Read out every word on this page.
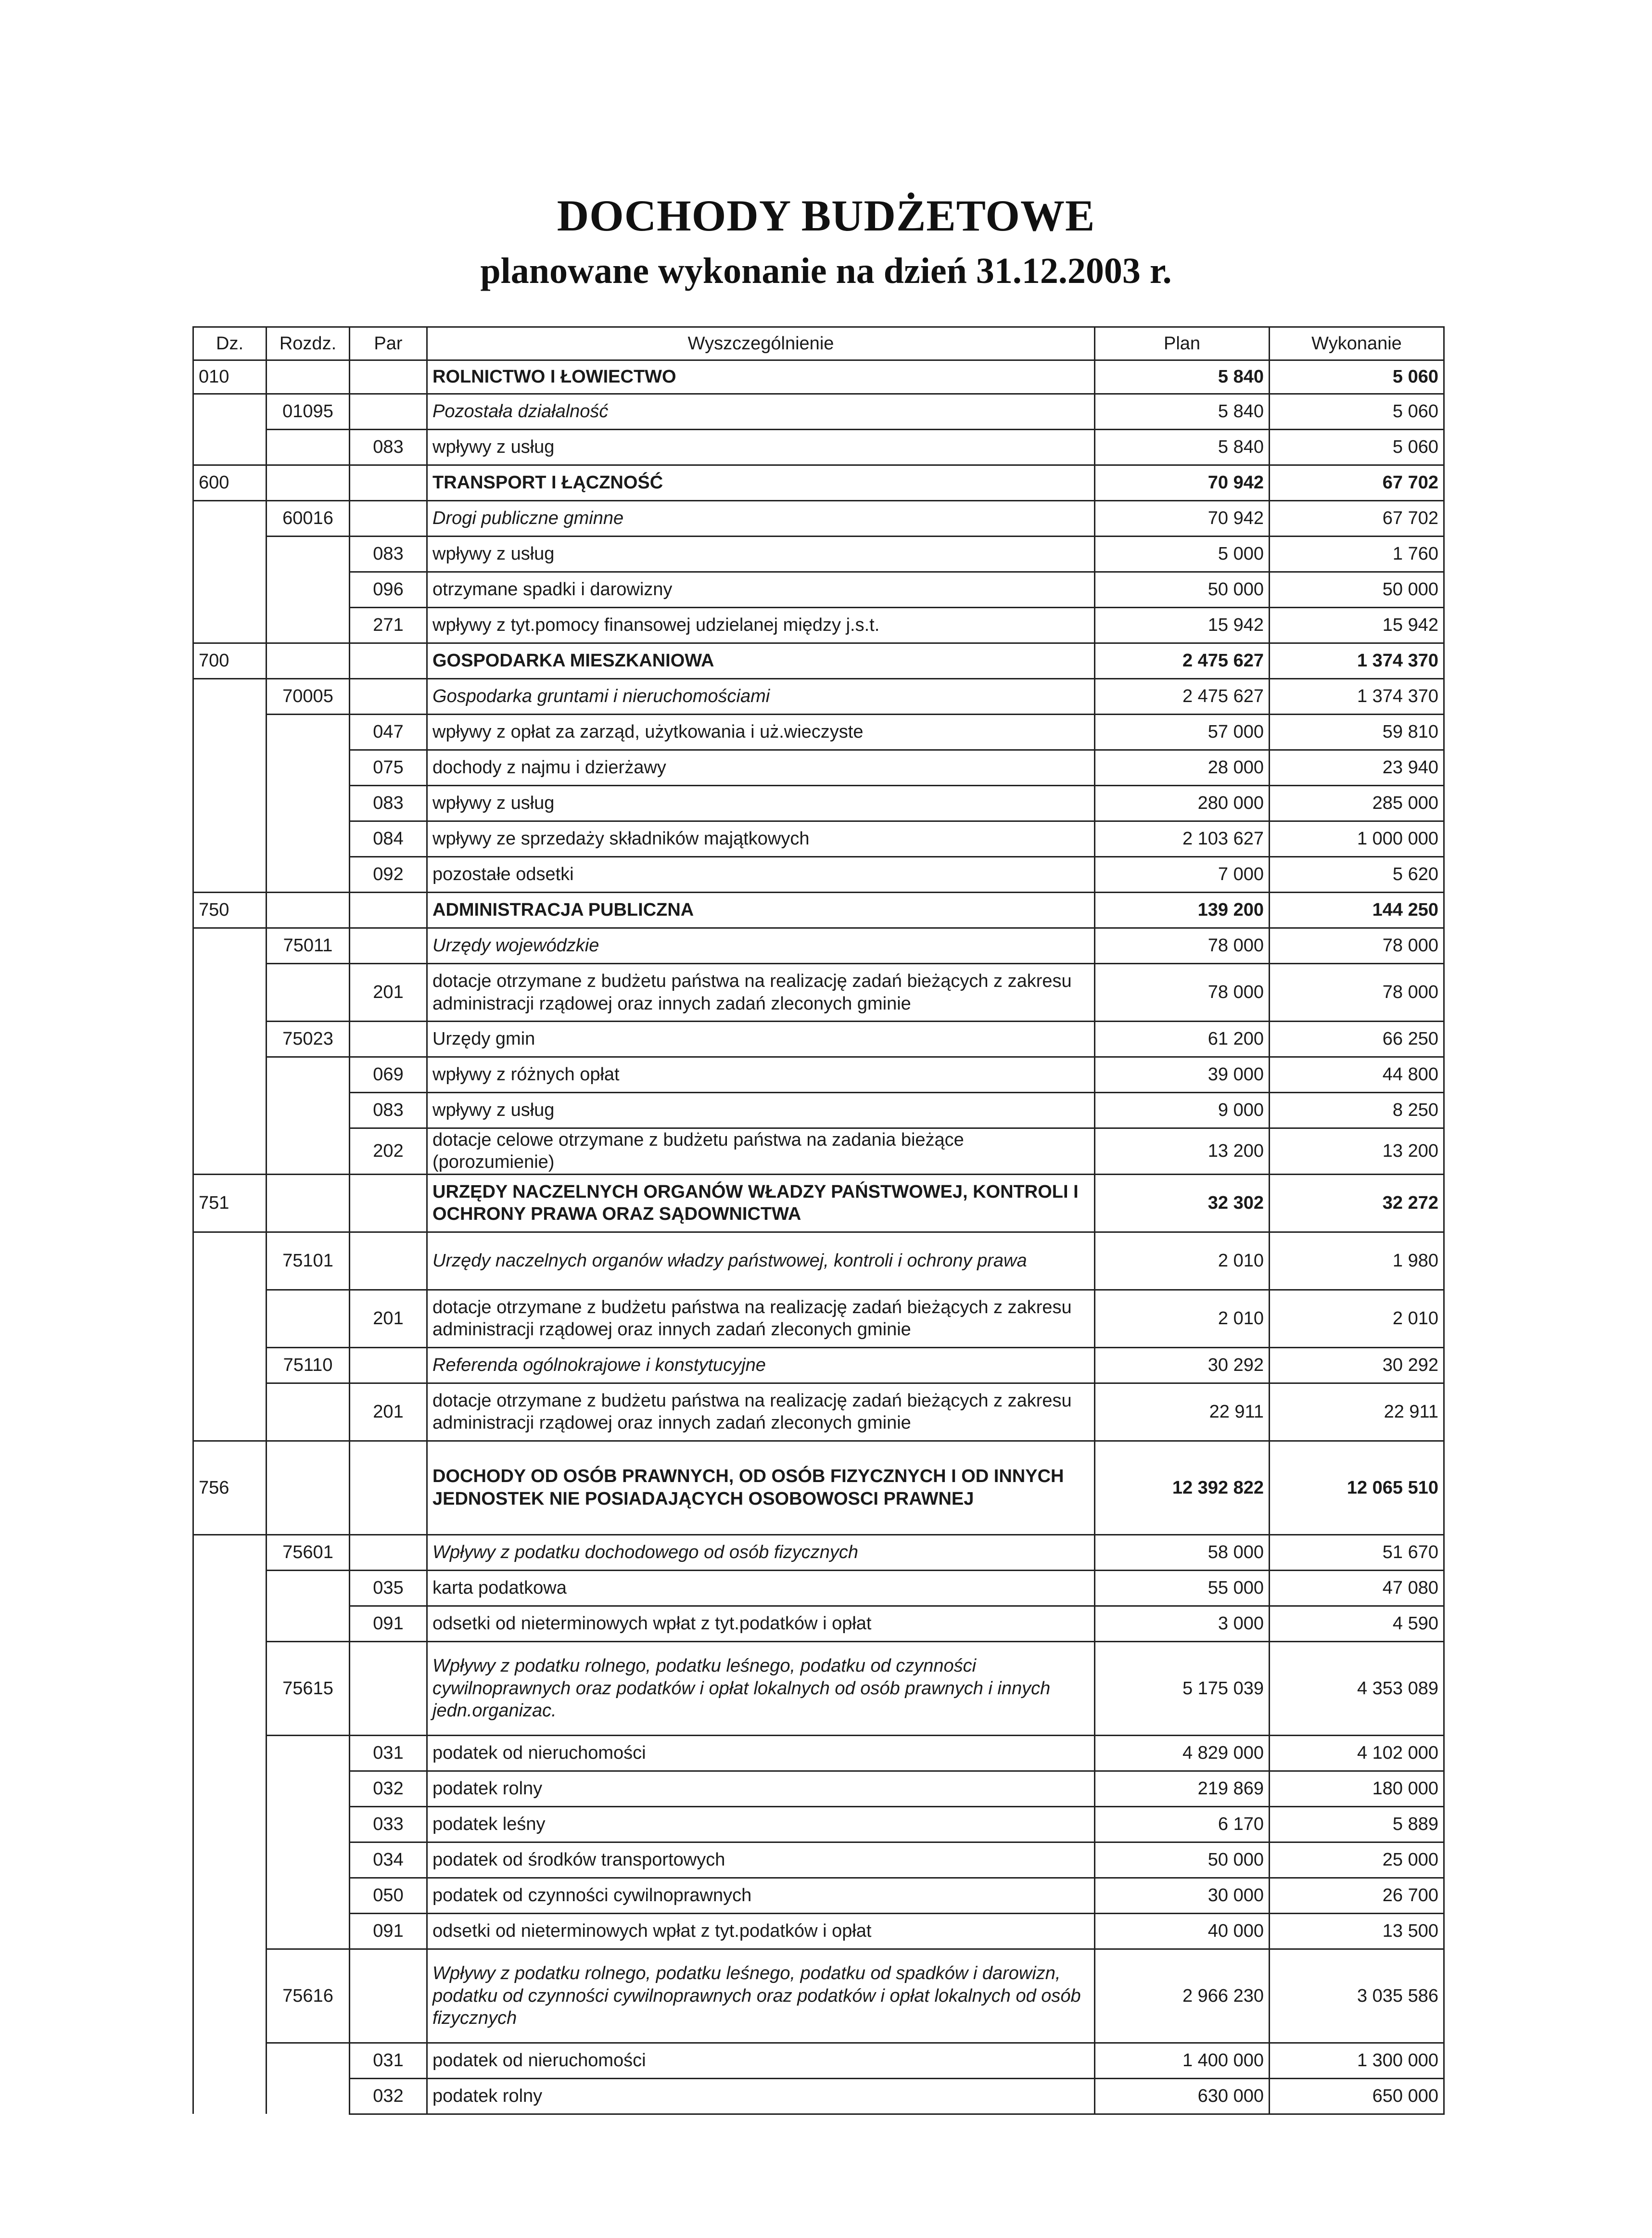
DOCHODY BUDŻETOWE
planowane wykonanie na dzień 31.12.2003 r.
Dz.	Rozdz.	Par	Wyszczególnienie	Plan	Wykonanie
010			ROLNICTWO I ŁOWIECTWO	5 840	5 060
	01095		Pozostała działalność	5 840	5 060
		083	wpływy z usług	5 840	5 060
600			TRANSPORT I ŁĄCZNOŚĆ	70 942	67 702
	60016		Drogi publiczne gminne	70 942	67 702
		083	wpływy z usług	5 000	1 760
		096	otrzymane spadki i darowizny	50 000	50 000
		271	wpływy z tyt.pomocy finansowej udzielanej między j.s.t.	15 942	15 942
700			GOSPODARKA MIESZKANIOWA	2 475 627	1 374 370
	70005		Gospodarka gruntami i nieruchomościami	2 475 627	1 374 370
		047	wpływy z opłat za zarząd, użytkowania i uż.wieczyste	57 000	59 810
		075	dochody z najmu i dzierżawy	28 000	23 940
		083	wpływy z usług	280 000	285 000
		084	wpływy ze sprzedaży składników majątkowych	2 103 627	1 000 000
		092	pozostałe odsetki	7 000	5 620
750			ADMINISTRACJA PUBLICZNA	139 200	144 250
	75011		Urzędy wojewódzkie	78 000	78 000
		201	dotacje otrzymane z budżetu państwa na realizację zadań bieżących z zakresu administracji rządowej oraz innych zadań zleconych gminie	78 000	78 000
	75023		Urzędy gmin	61 200	66 250
		069	wpływy z różnych opłat	39 000	44 800
		083	wpływy z usług	9 000	8 250
		202	dotacje celowe otrzymane z budżetu państwa na zadania bieżące (porozumienie)	13 200	13 200
751			URZĘDY NACZELNYCH ORGANÓW WŁADZY PAŃSTWOWEJ, KONTROLI I OCHRONY PRAWA ORAZ SĄDOWNICTWA	32 302	32 272
	75101		Urzędy naczelnych organów władzy państwowej, kontroli i ochrony prawa	2 010	1 980
		201	dotacje otrzymane z budżetu państwa na realizację zadań bieżących z zakresu administracji rządowej oraz innych zadań zleconych gminie	2 010	2 010
	75110		Referenda ogólnokrajowe i konstytucyjne	30 292	30 292
		201	dotacje otrzymane z budżetu państwa na realizację zadań bieżących z zakresu administracji rządowej oraz innych zadań zleconych gminie	22 911	22 911
756			DOCHODY OD OSÓB PRAWNYCH, OD OSÓB FIZYCZNYCH I OD INNYCH JEDNOSTEK NIE POSIADAJĄCYCH OSOBOWOSCI PRAWNEJ	12 392 822	12 065 510
	75601		Wpływy z podatku dochodowego od osób fizycznych	58 000	51 670
		035	karta podatkowa	55 000	47 080
		091	odsetki od nieterminowych wpłat z tyt.podatków i opłat	3 000	4 590
	75615		Wpływy z podatku rolnego, podatku leśnego, podatku od czynności cywilnoprawnych oraz podatków i opłat lokalnych od osób prawnych i innych jedn.organizac.	5 175 039	4 353 089
		031	podatek od nieruchomości	4 829 000	4 102 000
		032	podatek rolny	219 869	180 000
		033	podatek leśny	6 170	5 889
		034	podatek od środków transportowych	50 000	25 000
		050	podatek od czynności cywilnoprawnych	30 000	26 700
		091	odsetki od nieterminowych wpłat z tyt.podatków i opłat	40 000	13 500
	75616		Wpływy z podatku rolnego, podatku leśnego, podatku od spadków i darowizn, podatku od czynności cywilnoprawnych oraz podatków i opłat lokalnych od osób fizycznych	2 966 230	3 035 586
		031	podatek od nieruchomości	1 400 000	1 300 000
		032	podatek rolny	630 000	650 000
